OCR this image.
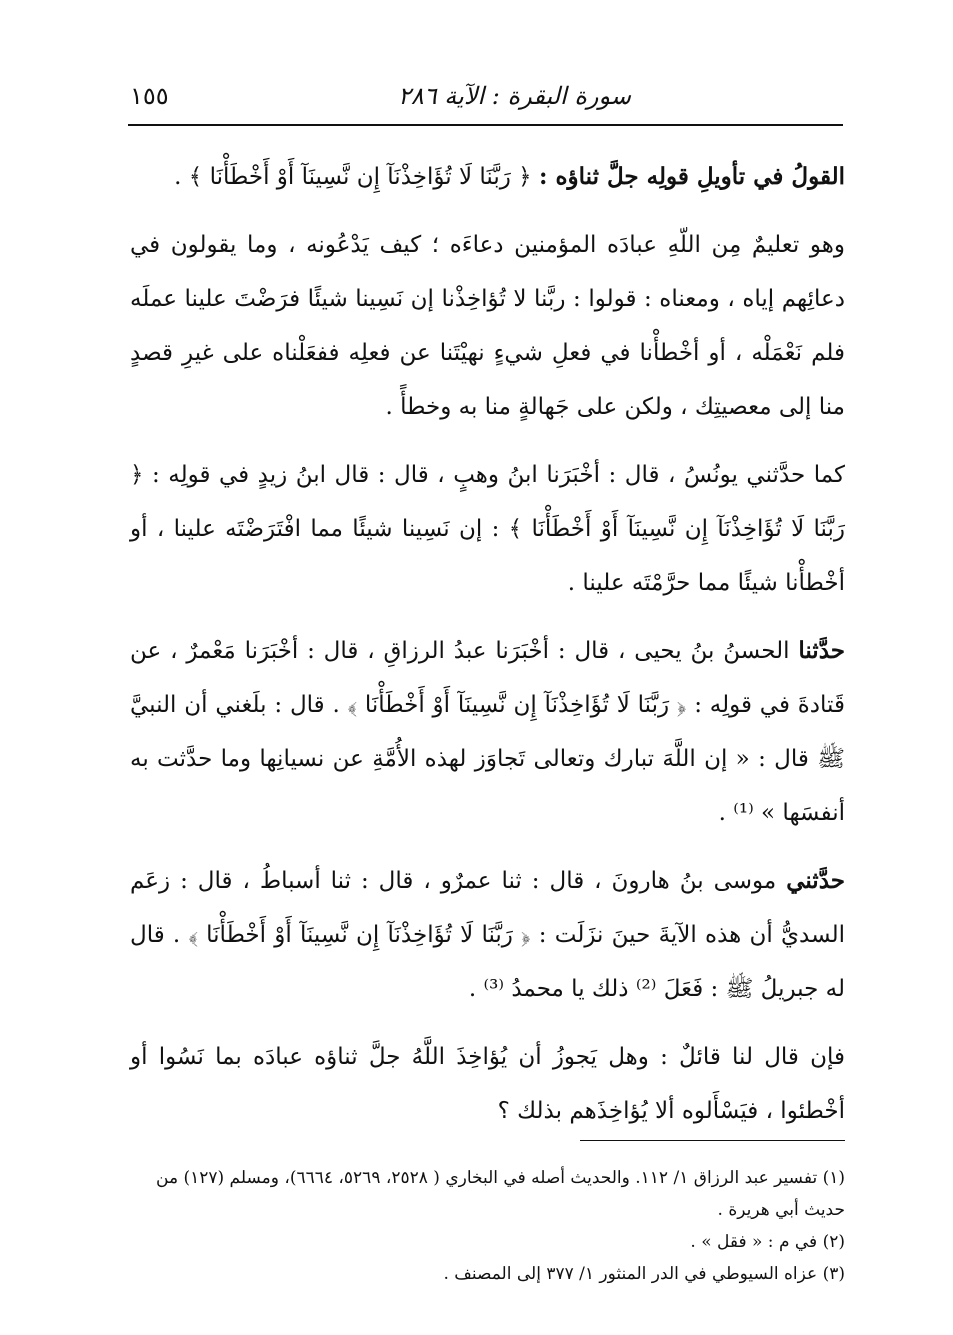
سورة البقرة : الآية ٢٨٦
١٥٥

القولُ في تأويلِ قولِه جلَّ ثناؤه : ﴿ رَبَّنَا لَا تُؤَاخِذْنَآ إِن نَّسِينَآ أَوْ أَخْطَأْنَا ﴾ .

وهو تعليمٌ مِن اللّهِ عبادَه المؤمنين دعاءَه ؛ كيف يَدْعُونه ، وما يقولون في دعائِهم إياه ، ومعناه : قولوا : ربَّنا لا تُؤاخِذْنا إن نَسِينا شيئًا فرَضْتَ علينا عملَه فلم نَعْمَلْه ، أو أخْطأْنا في فعلِ شيءٍ نهيْتَنا عن فعلِه ففعَلْناه على غيرِ قصدٍ منا إلى معصيتِك ، ولكن على جَهالةٍ منا به وخطأً .

كما حدَّثني يونُسُ ، قال : أخْبَرَنا ابنُ وهبٍ ، قال : قال ابنُ زيدٍ في قولِه : ﴿ رَبَّنَا لَا تُؤَاخِذْنَآ إِن نَّسِينَآ أَوْ أَخْطَأْنَا ﴾ : إن نَسِينا شيئًا مما افْتَرَضْتَه علينا ، أو أخْطأْنا شيئًا مما حرَّمْتَه علينا .

حدَّثنا الحسنُ بنُ يحيى ، قال : أخْبَرَنا عبدُ الرزاقِ ، قال : أخْبَرَنا مَعْمرٌ ، عن قَتادةَ في قولِه : ﴿ رَبَّنَا لَا تُؤَاخِذْنَآ إِن نَّسِينَآ أَوْ أَخْطَأْنَا ﴾ . قال : بلَغني أن النبيَّ ﷺ قال : « إن اللَّهَ تبارك وتعالى تَجاوَز لهذه الأُمَّةِ عن نسيانِها وما حدَّثت به أنفسَها » ⁽¹⁾ .

حدَّثني موسى بنُ هارونَ ، قال : ثنا عمرٌو ، قال : ثنا أسباطُ ، قال : زعَم السديُّ أن هذه الآيةَ حينَ نزَلَت : ﴿ رَبَّنَا لَا تُؤَاخِذْنَآ إِن نَّسِينَآ أَوْ أَخْطَأْنَا ﴾ . قال له جبريلُ ﷺ : فَعَلَ ⁽²⁾ ذلك يا محمدُ ⁽³⁾ .

فإن قال لنا قائلٌ : وهل يَجوزُ أن يُؤاخِذَ اللَّهُ جلَّ ثناؤه عبادَه بما نَسُوا أو أخْطئوا ، فيَسْأَلوه ألا يُؤاخِذَهم بذلك ؟

(١) تفسير عبد الرزاق ١/ ١١٢. والحديث أصله في البخاري ( ٢٥٢٨، ٥٢٦٩، ٦٦٦٤)، ومسلم (١٢٧) من حديث أبي هريرة .

(٢) في م : « فقل » .

(٣) عزاه السيوطي في الدر المنثور ١/ ٣٧٧ إلى المصنف .
